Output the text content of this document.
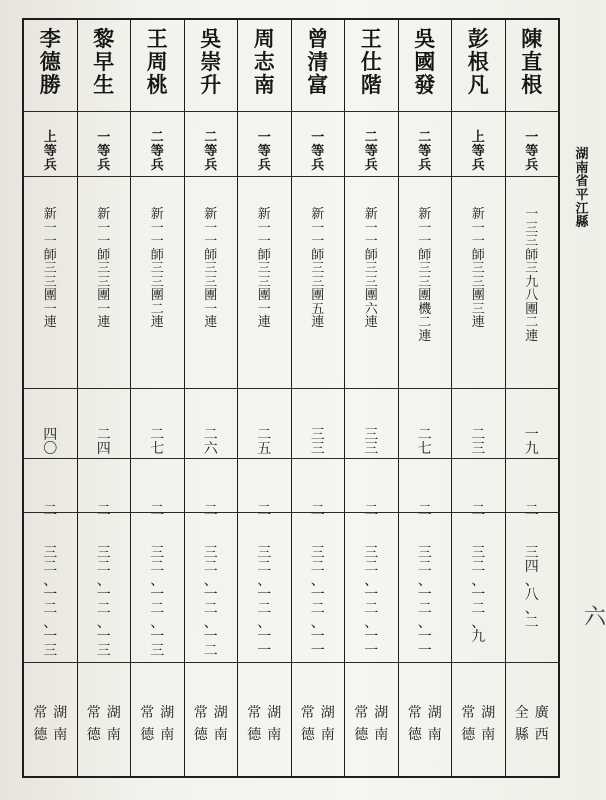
陳
直
根
一
等
兵
一
三
三
師
三
九
八
團
二
連
一
九
二
三
四
、
八
、
二
廣
西
全
縣
彭
根
凡
上
等
兵
新
一
一
師
三
三
團
三
連
二
三
二
三
二
、
一
二
、
九
湖
南
常
德
吳
國
發
二
等
兵
新
一
一
師
三
三
團
機
二
連
二
七
二
三
二
、
一
二
、
一
一
湖
南
常
德
王
仕
階
二
等
兵
新
一
一
師
三
三
團
六
連
三
三
二
三
二
、
一
二
、
一
一
湖
南
常
德
曾
清
富
一
等
兵
新
一
一
師
三
三
團
五
連
三
三
二
三
二
、
一
二
、
一
一
湖
南
常
德
周
志
南
一
等
兵
新
一
一
師
三
三
團
一
連
二
五
二
三
二
、
一
二
、
一
一
湖
南
常
德
吳
崇
升
二
等
兵
新
一
一
師
三
三
團
一
連
二
六
二
三
二
、
一
二
、
一
二
湖
南
常
德
王
周
桃
二
等
兵
新
一
一
師
三
三
團
二
連
二
七
二
三
二
、
一
二
、
一
三
湖
南
常
德
黎
早
生
一
等
兵
新
一
一
師
三
三
團
一
連
二
四
二
三
二
、
一
二
、
一
三
湖
南
常
德
李
德
勝
上
等
兵
新
一
一
師
三
三
團
一
連
四
〇
二
三
二
、
一
二
、
一
三
湖
南
常
德
湖
南
省
平
江
縣
六
